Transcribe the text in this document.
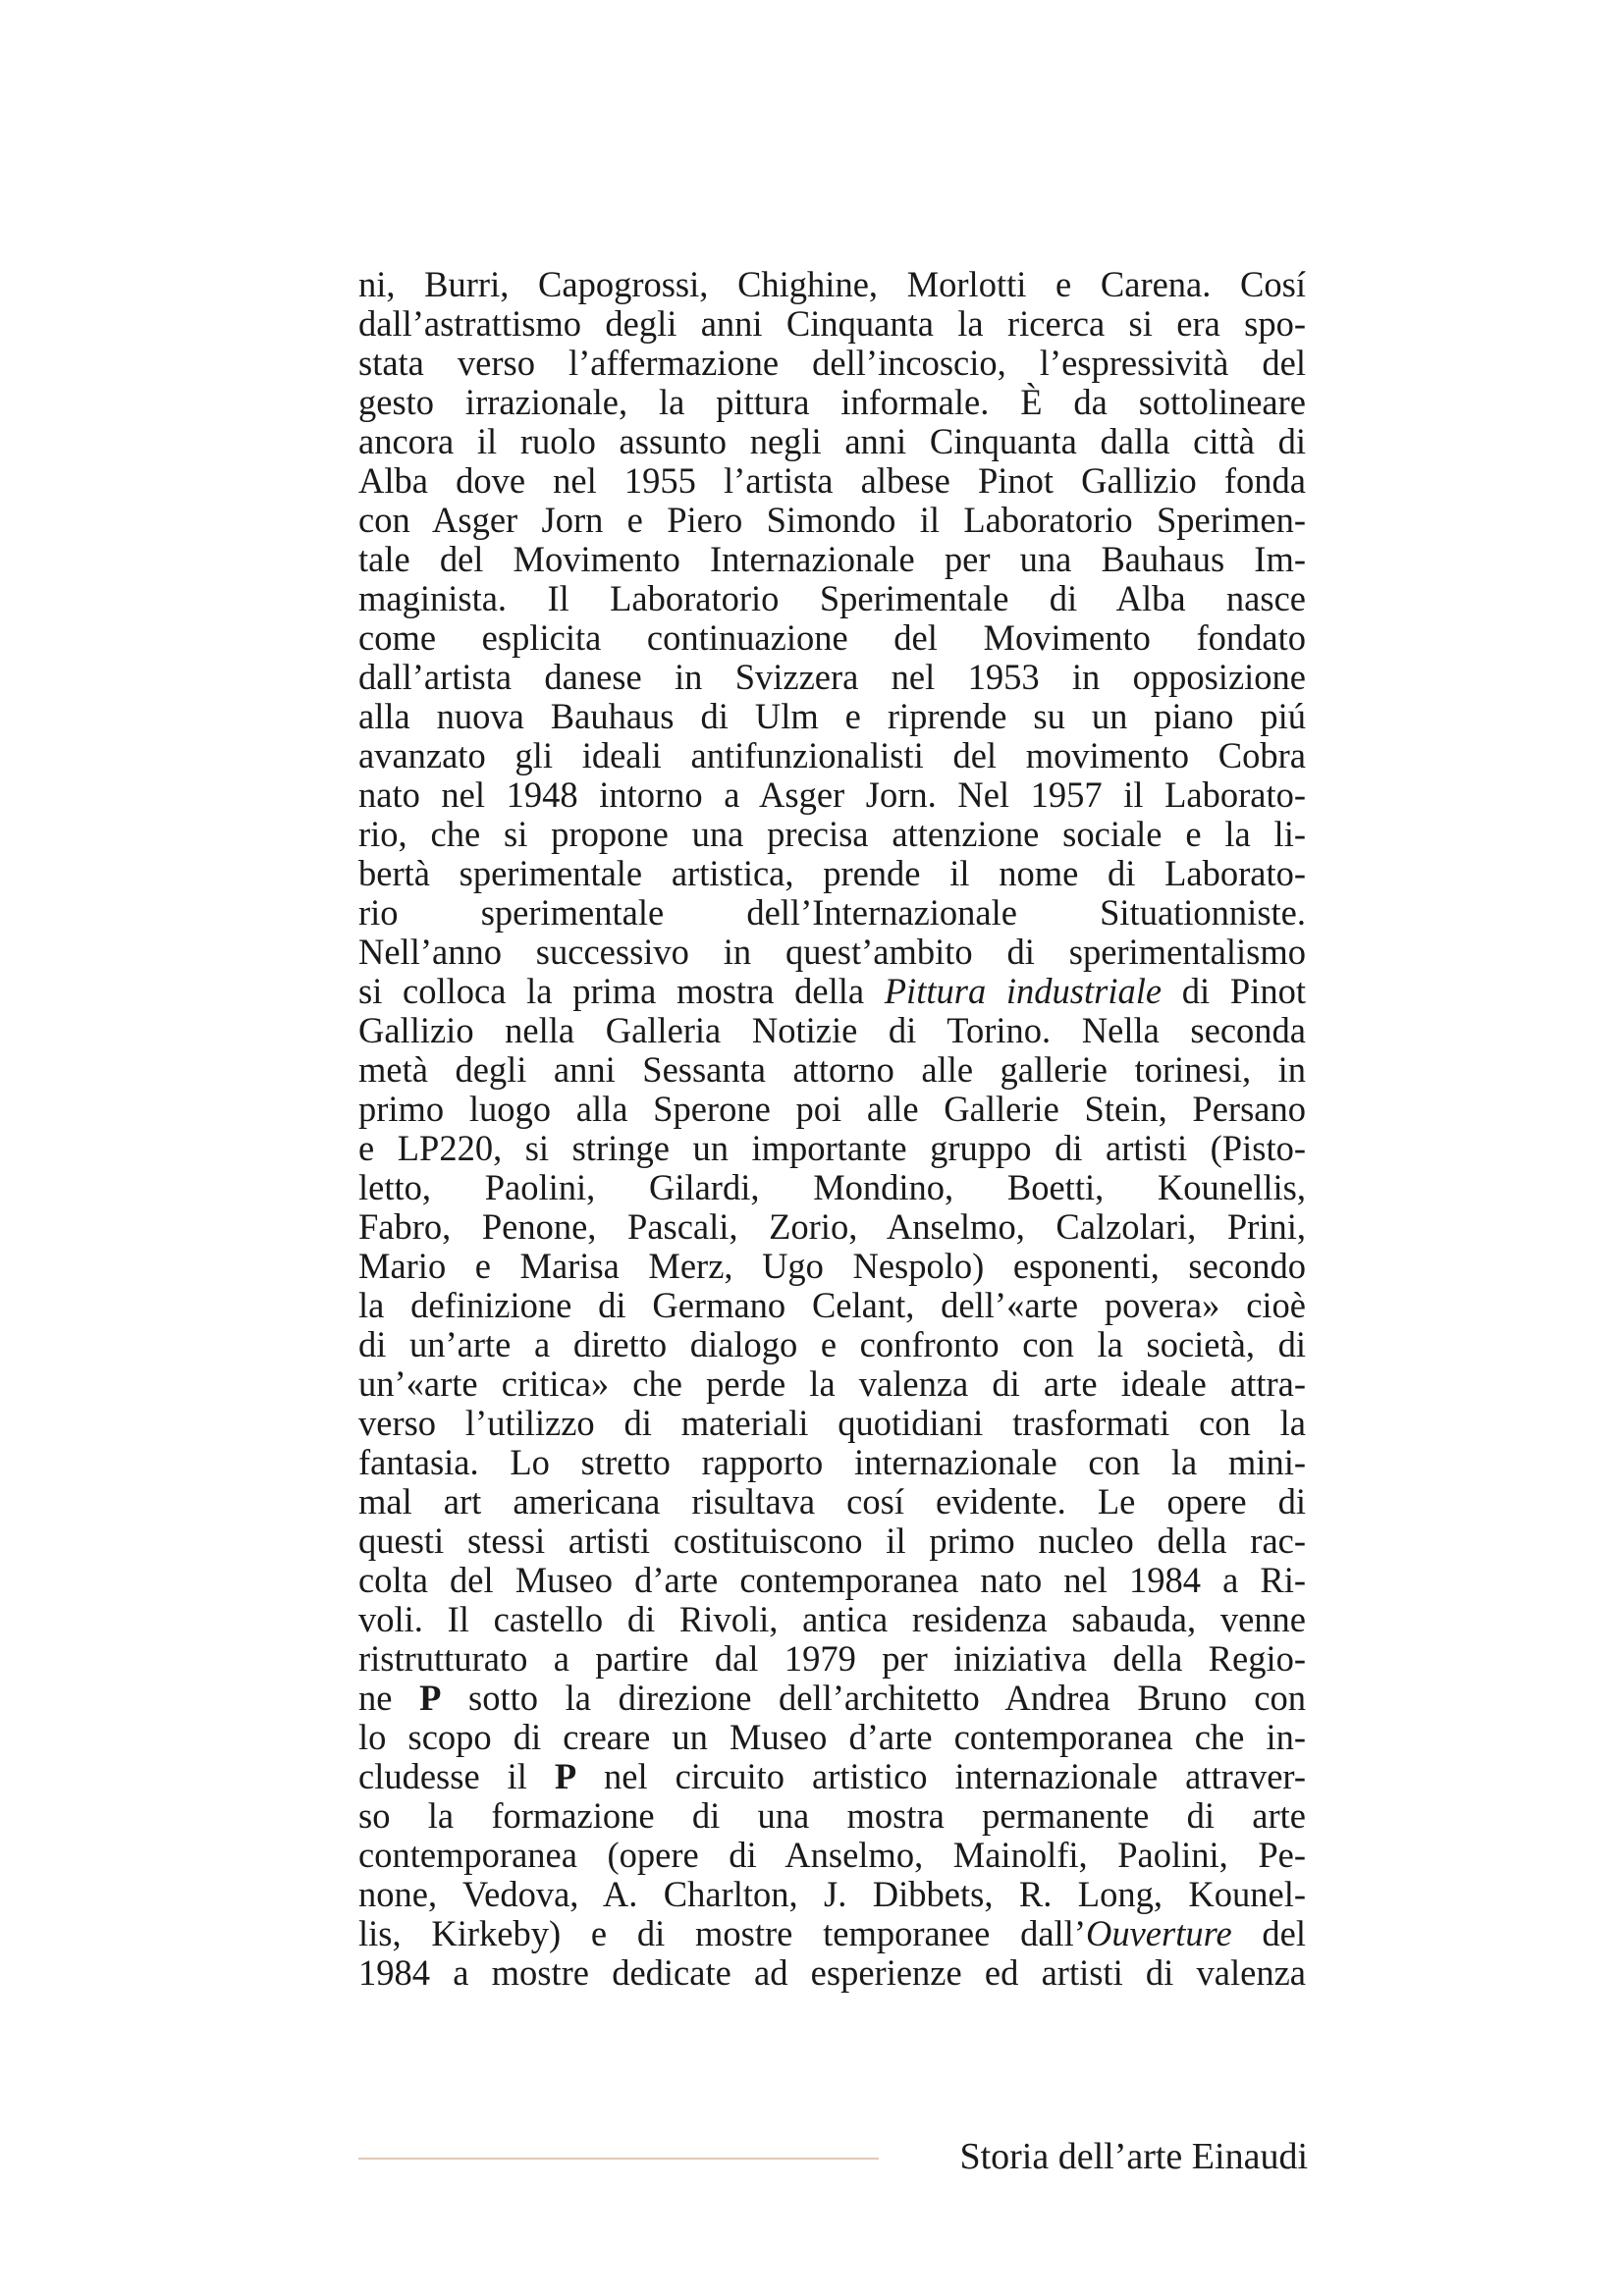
ni, Burri, Capogrossi, Chighine, Morlotti e Carena. Cosí
dall’astrattismo degli anni Cinquanta la ricerca si era spo-
stata verso l’affermazione dell’incoscio, l’espressività del
gesto irrazionale, la pittura informale. È da sottolineare
ancora il ruolo assunto negli anni Cinquanta dalla città di
Alba dove nel 1955 l’artista albese Pinot Gallizio fonda
con Asger Jorn e Piero Simondo il Laboratorio Sperimen-
tale del Movimento Internazionale per una Bauhaus Im-
maginista. Il Laboratorio Sperimentale di Alba nasce
come esplicita continuazione del Movimento fondato
dall’artista danese in Svizzera nel 1953 in opposizione
alla nuova Bauhaus di Ulm e riprende su un piano piú
avanzato gli ideali antifunzionalisti del movimento Cobra
nato nel 1948 intorno a Asger Jorn. Nel 1957 il Laborato-
rio, che si propone una precisa attenzione sociale e la li-
bertà sperimentale artistica, prende il nome di Laborato-
rio sperimentale dell’Internazionale Situationniste.
Nell’anno successivo in quest’ambito di sperimentalismo
si colloca la prima mostra della Pittura industriale di Pinot
Gallizio nella Galleria Notizie di Torino. Nella seconda
metà degli anni Sessanta attorno alle gallerie torinesi, in
primo luogo alla Sperone poi alle Gallerie Stein, Persano
e LP220, si stringe un importante gruppo di artisti (Pisto-
letto, Paolini, Gilardi, Mondino, Boetti, Kounellis,
Fabro, Penone, Pascali, Zorio, Anselmo, Calzolari, Prini,
Mario e Marisa Merz, Ugo Nespolo) esponenti, secondo
la definizione di Germano Celant, dell’«arte povera» cioè
di un’arte a diretto dialogo e confronto con la società, di
un’«arte critica» che perde la valenza di arte ideale attra-
verso l’utilizzo di materiali quotidiani trasformati con la
fantasia. Lo stretto rapporto internazionale con la mini-
mal art americana risultava cosí evidente. Le opere di
questi stessi artisti costituiscono il primo nucleo della rac-
colta del Museo d’arte contemporanea nato nel 1984 a Ri-
voli. Il castello di Rivoli, antica residenza sabauda, venne
ristrutturato a partire dal 1979 per iniziativa della Regio-
ne P sotto la direzione dell’architetto Andrea Bruno con
lo scopo di creare un Museo d’arte contemporanea che in-
cludesse il P nel circuito artistico internazionale attraver-
so la formazione di una mostra permanente di arte
contemporanea (opere di Anselmo, Mainolfi, Paolini, Pe-
none, Vedova, A. Charlton, J. Dibbets, R. Long, Kounel-
lis, Kirkeby) e di mostre temporanee dall’Ouverture del
1984 a mostre dedicate ad esperienze ed artisti di valenza
Storia dell’arte Einaudi
